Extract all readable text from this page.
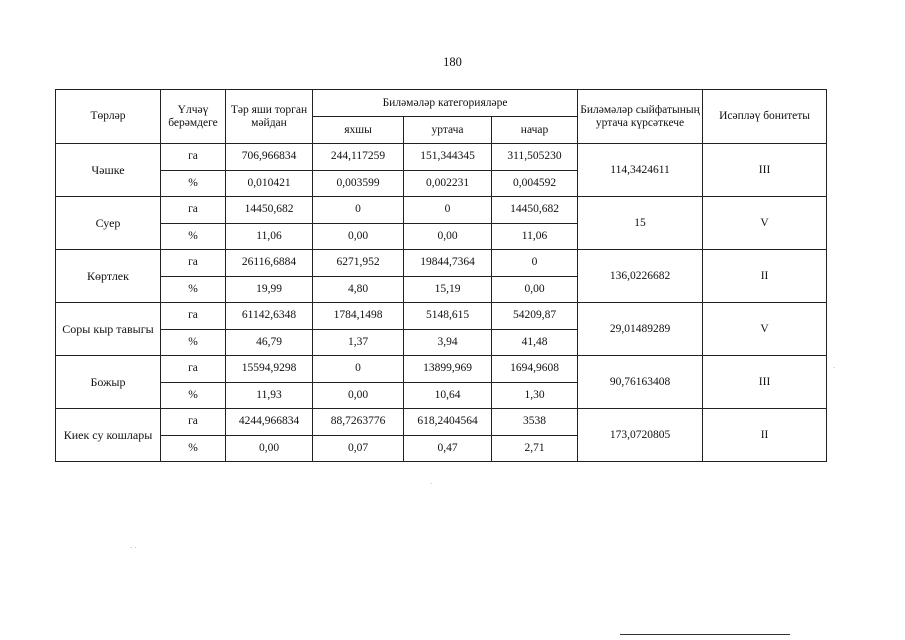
180
Төрләр	Үлчәү берәмдеге	Тәр яши торган мәйдан	Биләмәләр категорияләре			Биләмәләр сыйфатының уртача күрсәткече	Исәпләү бонитеты
			яхшы	уртача	начар		
Чәшке	га	706,966834	244,117259	151,344345	311,505230	114,3424611	III
	%	0,010421	0,003599	0,002231	0,004592		
Суер	га	14450,682	0	0	14450,682	15	V
	%	11,06	0,00	0,00	11,06		
Көртлек	га	26116,6884	6271,952	19844,7364	0	136,0226682	II
	%	19,99	4,80	15,19	0,00		
Соры кыр тавыгы	га	61142,6348	1784,1498	5148,615	54209,87	29,01489289	V
	%	46,79	1,37	3,94	41,48		
Божыр	га	15594,9298	0	13899,969	1694,9608	90,76163408	III
	%	11,93	0,00	10,64	1,30		
Киек су кошлары	га	4244,966834	88,7263776	618,2404564	3538	173,0720805	II
	%	0,00	0,07	0,47	2,71		
·
· ·
·
